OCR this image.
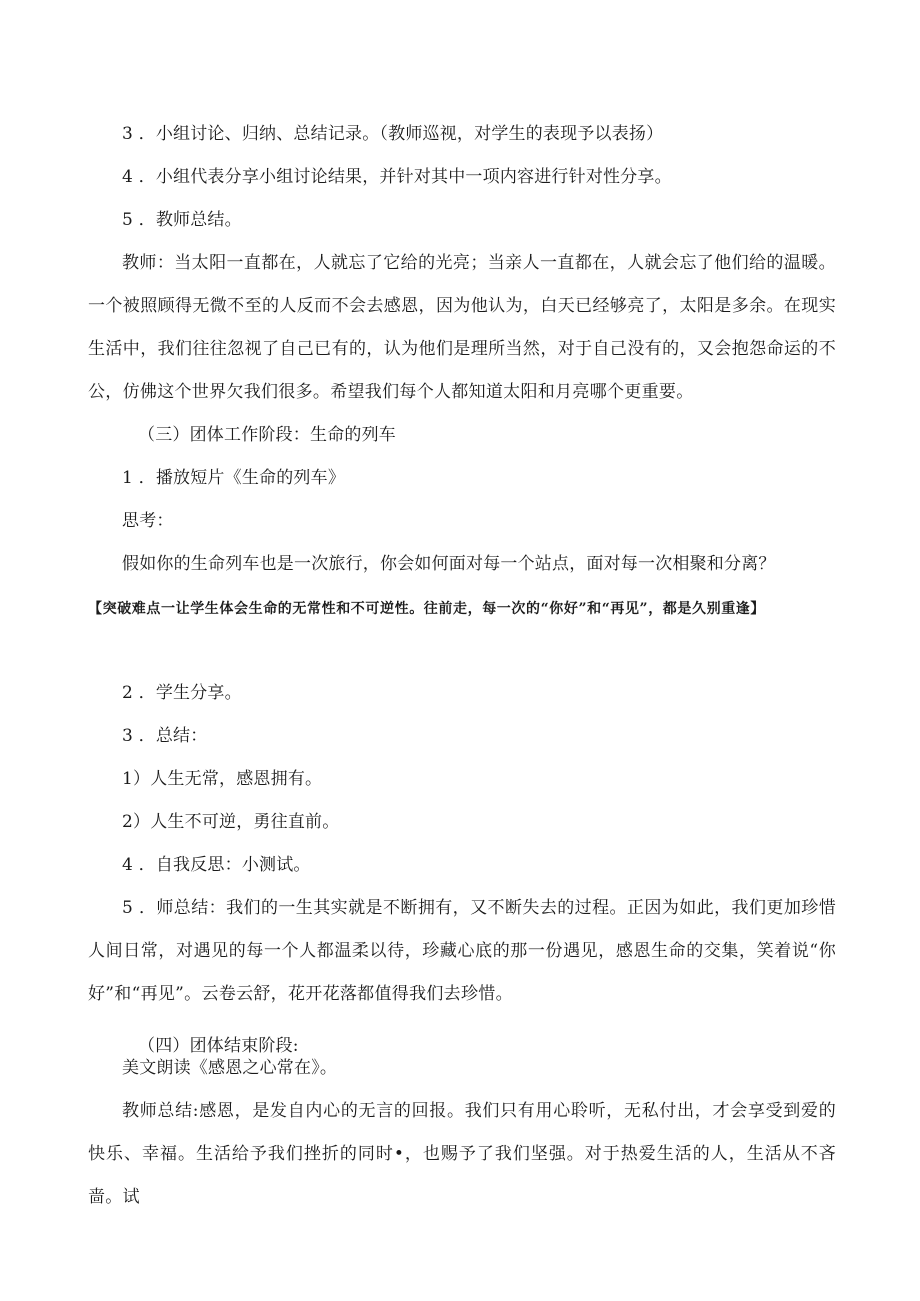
3 ．小组讨论、归纳、总结记录。（教师巡视，对学生的表现予以表扬）
4 ．小组代表分享小组讨论结果，并针对其中一项内容进行针对性分享。
5 ．教师总结。
教师：当太阳一直都在，人就忘了它给的光亮；当亲人一直都在，人就会忘了他们给的温暖。一个被照顾得无微不至的人反而不会去感恩，因为他认为，白天已经够亮了，太阳是多余。在现实生活中，我们往往忽视了自己已有的，认为他们是理所当然，对于自己没有的，又会抱怨命运的不公，仿佛这个世界欠我们很多。希望我们每个人都知道太阳和月亮哪个更重要。
（三）团体工作阶段：生命的列车
1 ．播放短片《生命的列车》
思考：
假如你的生命列车也是一次旅行，你会如何面对每一个站点，面对每一次相聚和分离？
【突破难点一让学生体会生命的无常性和不可逆性。往前走，每一次的“你好”和“再见”，都是久别重逢】
2 ．学生分享。
3 ．总结：
1）人生无常，感恩拥有。
2）人生不可逆，勇往直前。
4 ．自我反思：小测试。
5 ．师总结：我们的一生其实就是不断拥有，又不断失去的过程。正因为如此，我们更加珍惜人间日常，对遇见的每一个人都温柔以待，珍藏心底的那一份遇见，感恩生命的交集，笑着说“你好”和“再见”。云卷云舒，花开花落都值得我们去珍惜。
（四）团体结束阶段:
美文朗读《感恩之心常在》。
教师总结:感恩，是发自内心的无言的回报。我们只有用心聆听，无私付出，才会享受到爱的快乐、幸福。生活给予我们挫折的同时•，也赐予了我们坚强。对于热爱生活的人，生活从不吝啬。试
